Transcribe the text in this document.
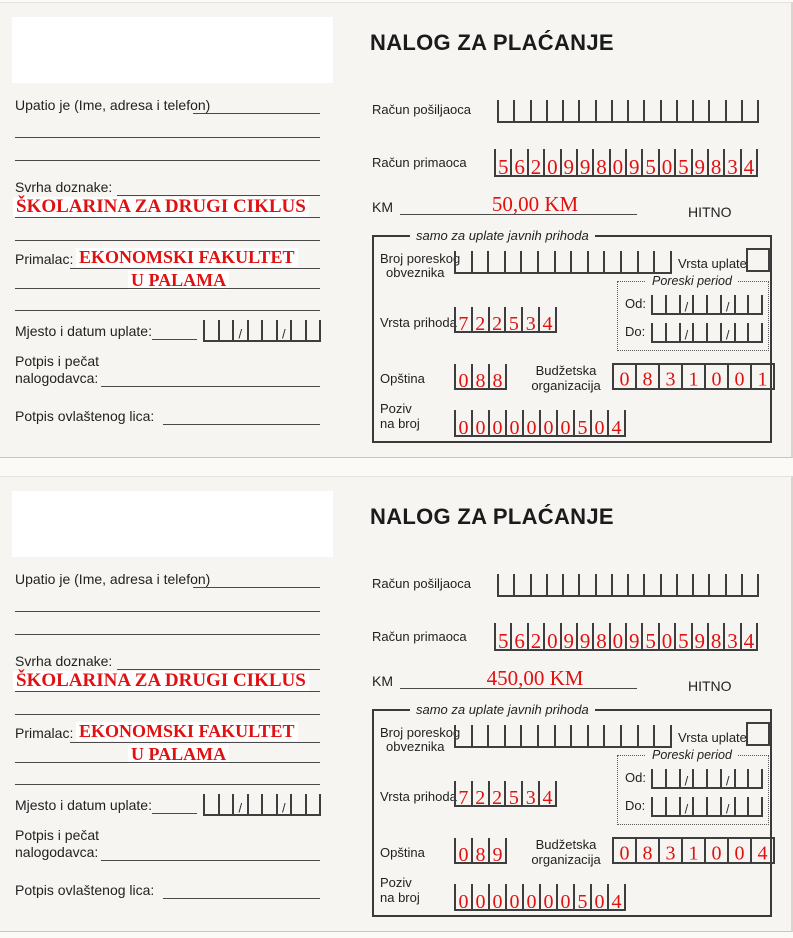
Upatio je (Ime, adresa i telefon)
Svrha doznake:
ŠKOLARINA ZA DRUGI CIKLUS
Primalac: EKONOMSKI FAKULTET
U PALAMA
Mjesto i datum uplate:	/	/
Potpis i pečat
nalogodavca:
Potpis ovlaštenog lica:
NALOG ZA PLAĆANJE
Račun pošiljaoca
Račun primaoca 5 6 2 0 9 9 8 0 9 5 0 5 9 8 3 4
KM	50,00 KM	HITNO
samo za uplate javnih prihoda
Broj poreskog
obveznika
Vrsta uplate
Poreski period
Od:	/	/
Do:	/	/
Vrsta prihoda 7 2 2 5 3 4
Opština 0 8 8	Budžetska
organizacija 0 8 3 1 0 0 1
Poziv
na broj 0 0 0 0 0 0 0 5 0 4
Upatio je (Ime, adresa i telefon)
Svrha doznake:
ŠKOLARINA ZA DRUGI CIKLUS
Primalac: EKONOMSKI FAKULTET
U PALAMA
Mjesto i datum uplate:	/	/
Potpis i pečat
nalogodavca:
Potpis ovlaštenog lica:
NALOG ZA PLAĆANJE
Račun pošiljaoca
Račun primaoca 5 6 2 0 9 9 8 0 9 5 0 5 9 8 3 4
KM	450,00 KM	HITNO
samo za uplate javnih prihoda
Broj poreskog
obveznika
Vrsta uplate
Poreski period
Od:	/	/
Do:	/	/
Vrsta prihoda 7 2 2 5 3 4
Opština 0 8 9	Budžetska
organizacija 0 8 3 1 0 0 4
Poziv
na broj 0 0 0 0 0 0 0 5 0 4
